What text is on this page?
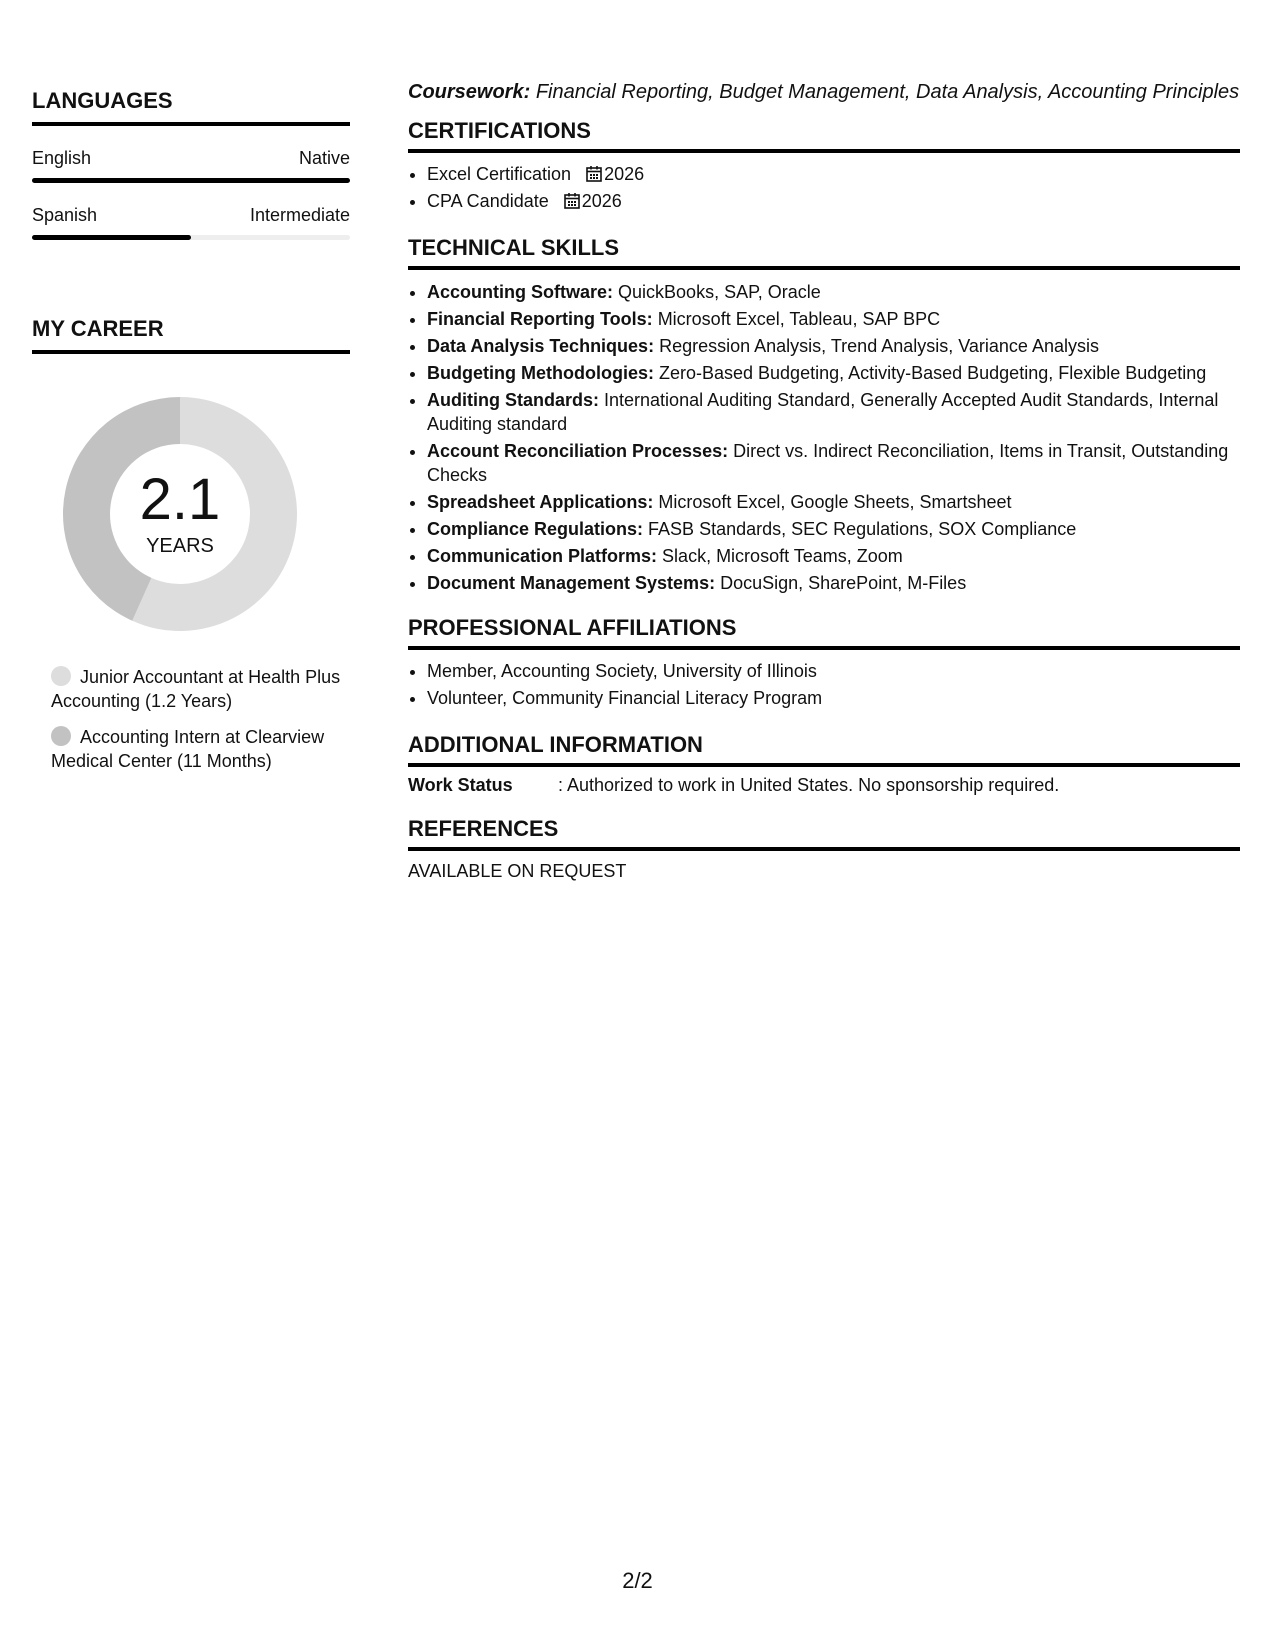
LANGUAGES
English	Native
Spanish	Intermediate
MY CAREER
2.1
YEARS
Junior Accountant at Health Plus Accounting (1.2 Years)
Accounting Intern at Clearview Medical Center (11 Months)

Coursework: Financial Reporting, Budget Management, Data Analysis, Accounting Principles

CERTIFICATIONS
• Excel Certification 2026
• CPA Candidate 2026
TECHNICAL SKILLS
• Accounting Software: QuickBooks, SAP, Oracle
• Financial Reporting Tools: Microsoft Excel, Tableau, SAP BPC
• Data Analysis Techniques: Regression Analysis, Trend Analysis, Variance Analysis
• Budgeting Methodologies: Zero-Based Budgeting, Activity-Based Budgeting, Flexible Budgeting
• Auditing Standards: International Auditing Standard, Generally Accepted Audit Standards, Internal Auditing standard
• Account Reconciliation Processes: Direct vs. Indirect Reconciliation, Items in Transit, Outstanding Checks
• Spreadsheet Applications: Microsoft Excel, Google Sheets, Smartsheet
• Compliance Regulations: FASB Standards, SEC Regulations, SOX Compliance
• Communication Platforms: Slack, Microsoft Teams, Zoom
• Document Management Systems: DocuSign, SharePoint, M-Files
PROFESSIONAL AFFILIATIONS
• Member, Accounting Society, University of Illinois
• Volunteer, Community Financial Literacy Program
ADDITIONAL INFORMATION
Work Status	: Authorized to work in United States. No sponsorship required.
REFERENCES
AVAILABLE ON REQUEST
2/2
